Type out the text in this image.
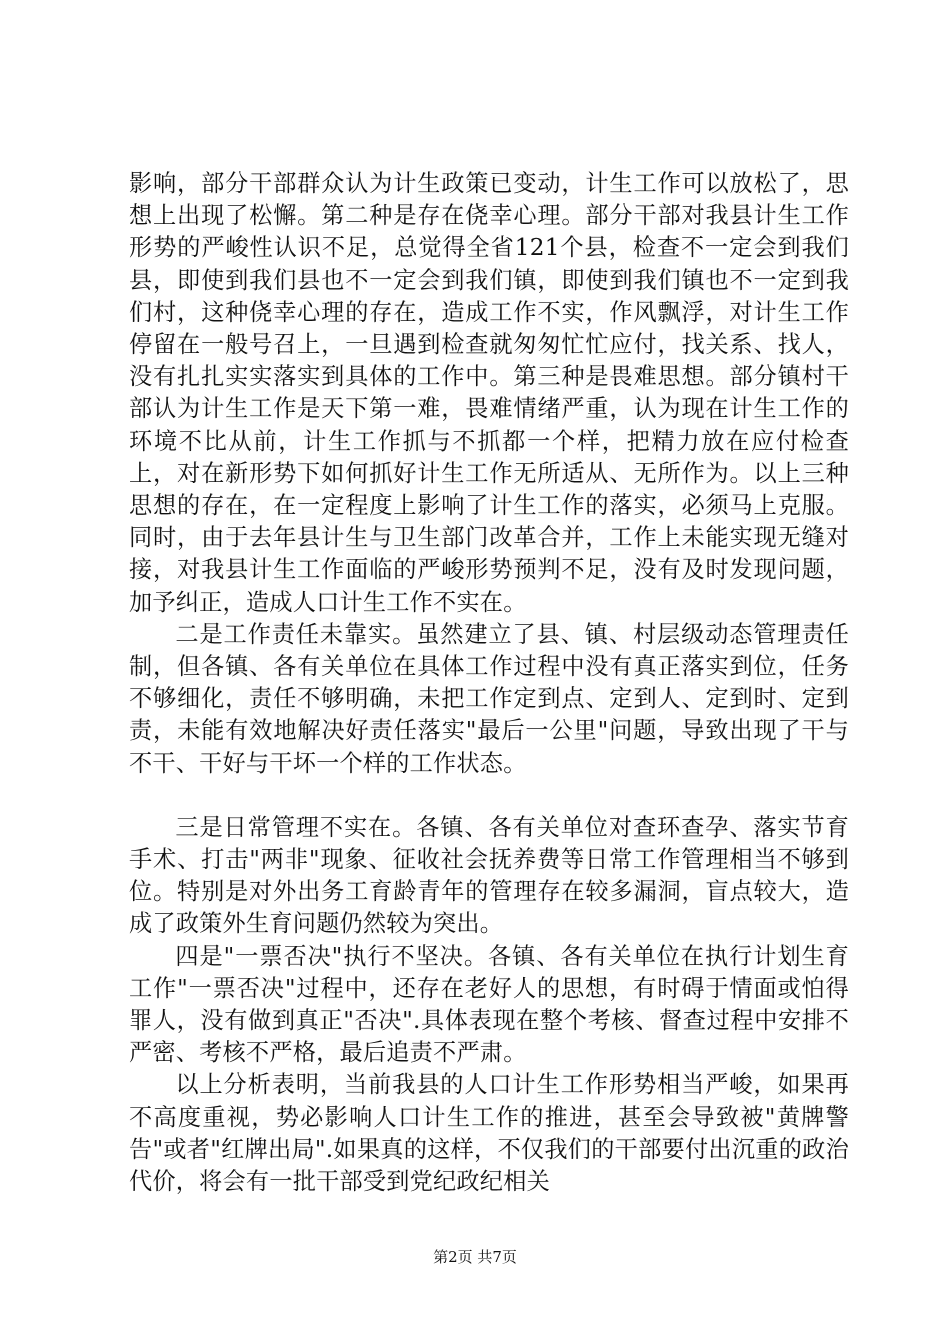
影响，部分干部群众认为计生政策已变动，计生工作可以放松了，思想上出现了松懈。第二种是存在侥幸心理。部分干部对我县计生工作形势的严峻性认识不足，总觉得全省121个县，检查不一定会到我们县，即使到我们县也不一定会到我们镇，即使到我们镇也不一定到我们村，这种侥幸心理的存在，造成工作不实，作风飘浮，对计生工作停留在一般号召上，一旦遇到检查就匆匆忙忙应付，找关系、找人，没有扎扎实实落实到具体的工作中。第三种是畏难思想。部分镇村干部认为计生工作是天下第一难，畏难情绪严重，认为现在计生工作的环境不比从前，计生工作抓与不抓都一个样，把精力放在应付检查上，对在新形势下如何抓好计生工作无所适从、无所作为。以上三种思想的存在，在一定程度上影响了计生工作的落实，必须马上克服。同时，由于去年县计生与卫生部门改革合并，工作上未能实现无缝对接，对我县计生工作面临的严峻形势预判不足，没有及时发现问题，加予纠正，造成人口计生工作不实在。

二是工作责任未靠实。虽然建立了县、镇、村层级动态管理责任制，但各镇、各有关单位在具体工作过程中没有真正落实到位，任务不够细化，责任不够明确，未把工作定到点、定到人、定到时、定到责，未能有效地解决好责任落实"最后一公里"问题，导致出现了干与不干、干好与干坏一个样的工作状态。

三是日常管理不实在。各镇、各有关单位对查环查孕、落实节育手术、打击"两非"现象、征收社会抚养费等日常工作管理相当不够到位。特别是对外出务工育龄青年的管理存在较多漏洞，盲点较大，造成了政策外生育问题仍然较为突出。

四是"一票否决"执行不坚决。各镇、各有关单位在执行计划生育工作"一票否决"过程中，还存在老好人的思想，有时碍于情面或怕得罪人，没有做到真正"否决".具体表现在整个考核、督查过程中安排不严密、考核不严格，最后追责不严肃。

以上分析表明，当前我县的人口计生工作形势相当严峻，如果再不高度重视，势必影响人口计生工作的推进，甚至会导致被"黄牌警告"或者"红牌出局".如果真的这样，不仅我们的干部要付出沉重的政治代价，将会有一批干部受到党纪政纪相关

第2页 共7页
